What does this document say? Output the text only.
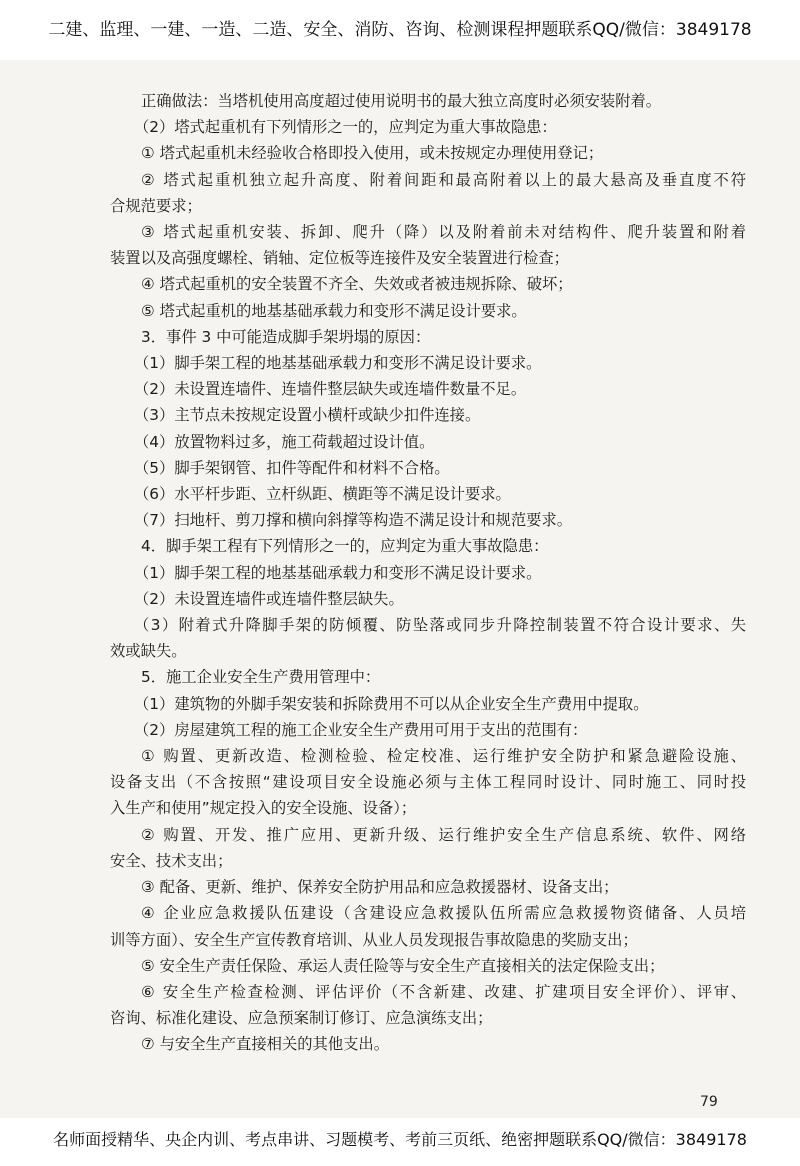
二建、监理、一建、一造、二造、安全、消防、咨询、检测课程押题联系QQ/微信：3849178
正确做法：当塔机使用高度超过使用说明书的最大独立高度时必须安装附着。
（2）塔式起重机有下列情形之一的，应判定为重大事故隐患：
① 塔式起重机未经验收合格即投入使用，或未按规定办理使用登记；
② 塔式起重机独立起升高度、附着间距和最高附着以上的最大悬高及垂直度不符
合规范要求；
③ 塔式起重机安装、拆卸、爬升（降）以及附着前未对结构件、爬升装置和附着
装置以及高强度螺栓、销轴、定位板等连接件及安全装置进行检查；
④ 塔式起重机的安全装置不齐全、失效或者被违规拆除、破坏；
⑤ 塔式起重机的地基基础承载力和变形不满足设计要求。
3．事件 3 中可能造成脚手架坍塌的原因：
（1）脚手架工程的地基基础承载力和变形不满足设计要求。
（2）未设置连墙件、连墙件整层缺失或连墙件数量不足。
（3）主节点未按规定设置小横杆或缺少扣件连接。
（4）放置物料过多，施工荷载超过设计值。
（5）脚手架钢管、扣件等配件和材料不合格。
（6）水平杆步距、立杆纵距、横距等不满足设计要求。
（7）扫地杆、剪刀撑和横向斜撑等构造不满足设计和规范要求。
4．脚手架工程有下列情形之一的，应判定为重大事故隐患：
（1）脚手架工程的地基基础承载力和变形不满足设计要求。
（2）未设置连墙件或连墙件整层缺失。
（3）附着式升降脚手架的防倾覆、防坠落或同步升降控制装置不符合设计要求、失
效或缺失。
5．施工企业安全生产费用管理中：
（1）建筑物的外脚手架安装和拆除费用不可以从企业安全生产费用中提取。
（2）房屋建筑工程的施工企业安全生产费用可用于支出的范围有：
① 购置、更新改造、检测检验、检定校准、运行维护安全防护和紧急避险设施、
设备支出（不含按照“建设项目安全设施必须与主体工程同时设计、同时施工、同时投
入生产和使用”规定投入的安全设施、设备）；
② 购置、开发、推广应用、更新升级、运行维护安全生产信息系统、软件、网络
安全、技术支出；
③ 配备、更新、维护、保养安全防护用品和应急救援器材、设备支出；
④ 企业应急救援队伍建设（含建设应急救援队伍所需应急救援物资储备、人员培
训等方面）、安全生产宣传教育培训、从业人员发现报告事故隐患的奖励支出；
⑤ 安全生产责任保险、承运人责任险等与安全生产直接相关的法定保险支出；
⑥ 安全生产检查检测、评估评价（不含新建、改建、扩建项目安全评价）、评审、
咨询、标准化建设、应急预案制订修订、应急演练支出；
⑦ 与安全生产直接相关的其他支出。
79
名师面授精华、央企内训、考点串讲、习题模考、考前三页纸、绝密押题联系QQ/微信：3849178
